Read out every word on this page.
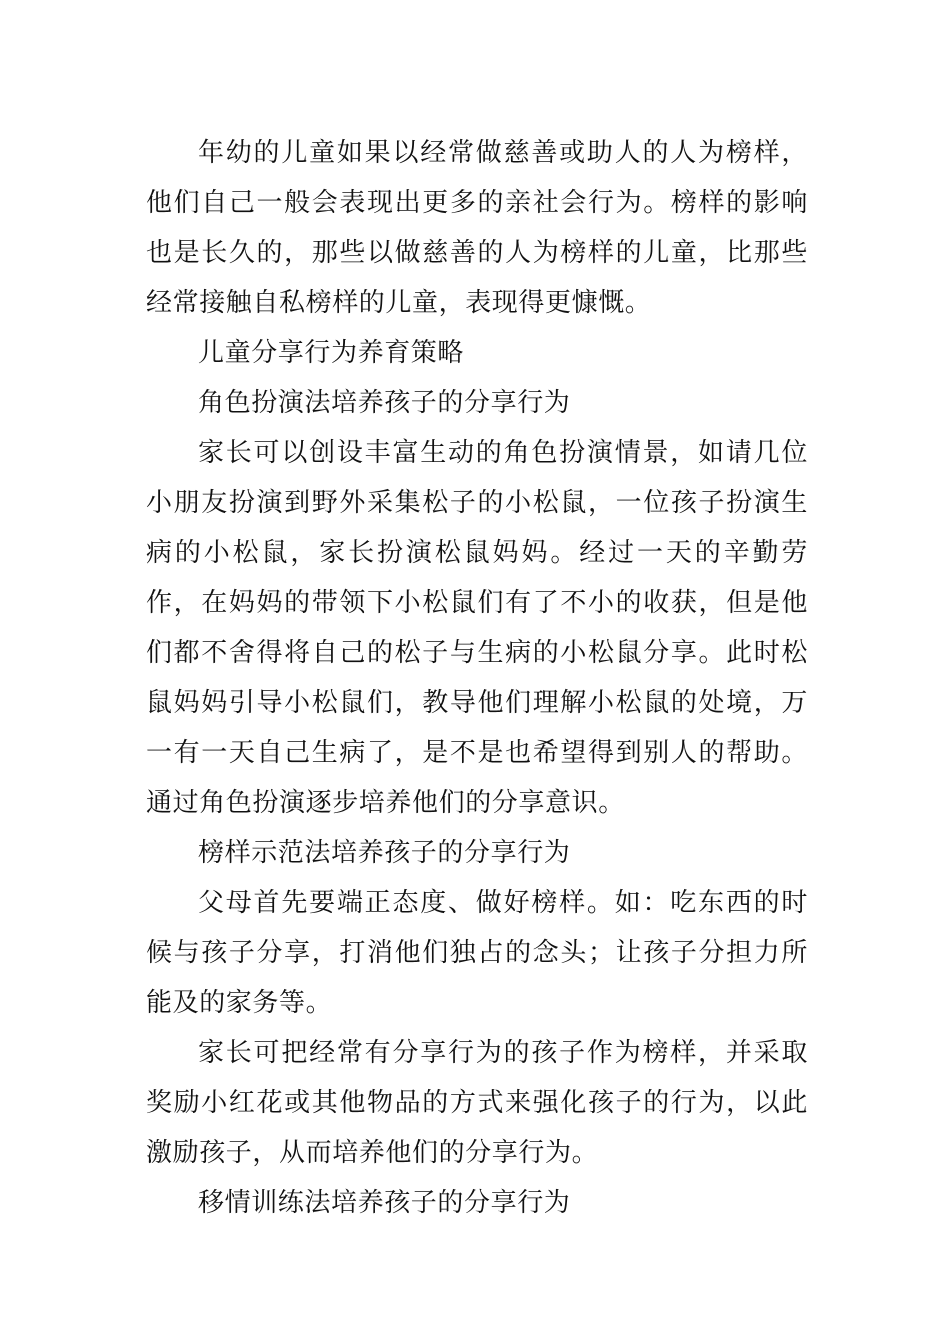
年幼的儿童如果以经常做慈善或助人的人为榜样，他们自己一般会表现出更多的亲社会行为。榜样的影响也是长久的，那些以做慈善的人为榜样的儿童，比那些经常接触自私榜样的儿童，表现得更慷慨。

儿童分享行为养育策略

角色扮演法培养孩子的分享行为

家长可以创设丰富生动的角色扮演情景，如请几位小朋友扮演到野外采集松子的小松鼠，一位孩子扮演生病的小松鼠，家长扮演松鼠妈妈。经过一天的辛勤劳作，在妈妈的带领下小松鼠们有了不小的收获，但是他们都不舍得将自己的松子与生病的小松鼠分享。此时松鼠妈妈引导小松鼠们，教导他们理解小松鼠的处境，万一有一天自己生病了，是不是也希望得到别人的帮助。通过角色扮演逐步培养他们的分享意识。

榜样示范法培养孩子的分享行为

父母首先要端正态度、做好榜样。如：吃东西的时候与孩子分享，打消他们独占的念头；让孩子分担力所能及的家务等。

家长可把经常有分享行为的孩子作为榜样，并采取奖励小红花或其他物品的方式来强化孩子的行为，以此激励孩子，从而培养他们的分享行为。

移情训练法培养孩子的分享行为
